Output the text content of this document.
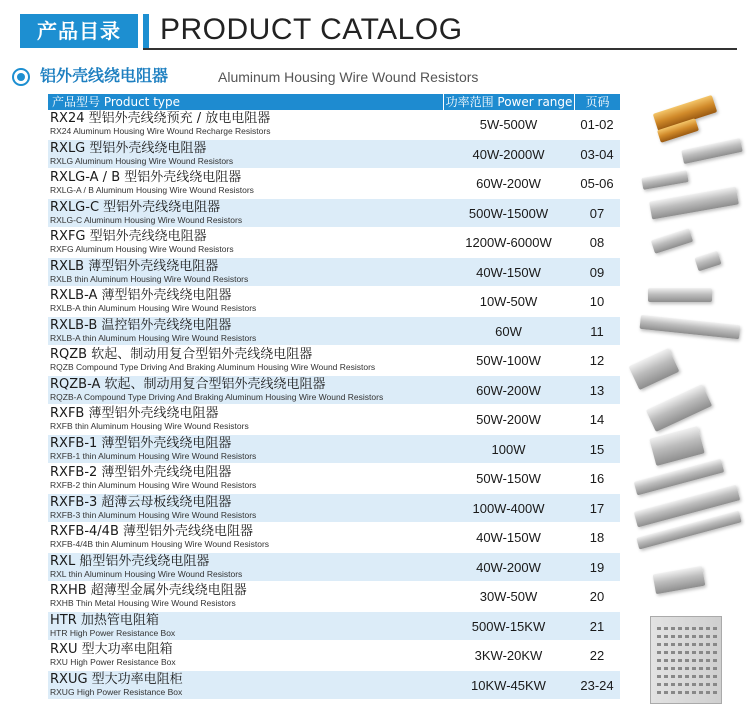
产品目录	PRODUCT CATALOG
铝外壳线绕电阻器	Aluminum Housing Wire Wound Resistors
产品型号 Product type	功率范围 Power range	页码
RX24 型铝外壳线绕预充 / 放电电阻器
RX24 Aluminum Housing Wire Wound Recharge Resistors	5W-500W	01-02
RXLG 型铝外壳线绕电阻器
RXLG Aluminum Housing Wire Wound Resistors	40W-2000W	03-04
RXLG-A / B 型铝外壳线绕电阻器
RXLG-A / B Aluminum Housing Wire Wound Resistors	60W-200W	05-06
RXLG-C 型铝外壳线绕电阻器
RXLG-C Aluminum Housing Wire Wound Resistors	500W-1500W	07
RXFG 型铝外壳线绕电阻器
RXFG Aluminum Housing Wire Wound Resistors	1200W-6000W	08
RXLB 薄型铝外壳线绕电阻器
RXLB thin Aluminum Housing Wire Wound Resistors	40W-150W	09
RXLB-A 薄型铝外壳线绕电阻器
RXLB-A thin Aluminum Housing Wire Wound Resistors	10W-50W	10
RXLB-B 温控铝外壳线绕电阻器
RXLB-A thin Aluminum Housing Wire Wound Resistors	60W	11
RQZB 软起、制动用复合型铝外壳线绕电阻器
RQZB Compound Type Driving And Braking Aluminum Housing Wire Wound Resistors	50W-100W	12
RQZB-A 软起、制动用复合型铝外壳线绕电阻器
RQZB-A Compound Type Driving And Braking Aluminum Housing Wire Wound Resistors	60W-200W	13
RXFB 薄型铝外壳线绕电阻器
RXFB thin Aluminum Housing Wire Wound Resistors	50W-200W	14
RXFB-1 薄型铝外壳线绕电阻器
RXFB-1 thin Aluminum Housing Wire Wound Resistors	100W	15
RXFB-2 薄型铝外壳线绕电阻器
RXFB-2 thin Aluminum Housing Wire Wound Resistors	50W-150W	16
RXFB-3 超薄云母板线绕电阻器
RXFB-3 thin Aluminum Housing Wire Wound Resistors	100W-400W	17
RXFB-4/4B 薄型铝外壳线绕电阻器
RXFB-4/4B thin Aluminum Housing Wire Wound Resistors	40W-150W	18
RXL 船型铝外壳线绕电阻器
RXL thin Aluminum Housing Wire Wound Resistors	40W-200W	19
RXHB 超薄型金属外壳线绕电阻器
RXHB Thin Metal Housing Wire Wound Resistors	30W-50W	20
HTR 加热管电阻箱
HTR High Power Resistance Box	500W-15KW	21
RXU 型大功率电阻箱
RXU High Power Resistance Box	3KW-20KW	22
RXUG 型大功率电阻柜
RXUG High Power Resistance Box	10KW-45KW	23-24
